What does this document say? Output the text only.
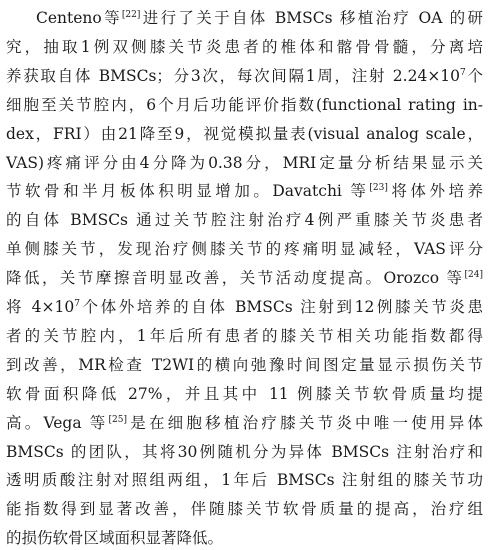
Centeno等[22]进行了关于自体 BMSCs 移植治疗 OA 的研
究，抽取1例双侧膝关节炎患者的椎体和髂骨骨髓，分离培
养获取自体 BMSCs；分3次，每次间隔1周，注射 $2.24\times 10^7$个
细胞至关节腔内，6个月后功能评价指数(functional rating in-
dex，FRI）由21降至9，视觉模拟量表(visual analog scale，
VAS)疼痛评分由4分降为0.38分，MRI定量分析结果显示关
节软骨和半月板体积明显增加。Davatchi 等[23]将体外培养
的自体 BMSCs 通过关节腔注射治疗4例严重膝关节炎患者
单侧膝关节，发现治疗侧膝关节的疼痛明显减轻，VAS评分
降低，关节摩擦音明显改善，关节活动度提高。Orozco 等[24]
将 $4\times 10^7$个体外培养的自体 BMSCs 注射到12例膝关节炎患
者的关节腔内，1年后所有患者的膝关节相关功能指数都得
到改善，MR检查 T2WI的横向弛豫时间图定量显示损伤关节
软骨面积降低 27%，并且其中 11 例膝关节软骨质量均提
高。Vega 等[25]是在细胞移植治疗膝关节炎中唯一使用异体
BMSCs 的团队，其将30例随机分为异体 BMSCs 注射治疗和
透明质酸注射对照组两组，1年后 BMSCs 注射组的膝关节功
能指数得到显著改善，伴随膝关节软骨质量的提高，治疗组
的损伤软骨区域面积显著降低。
